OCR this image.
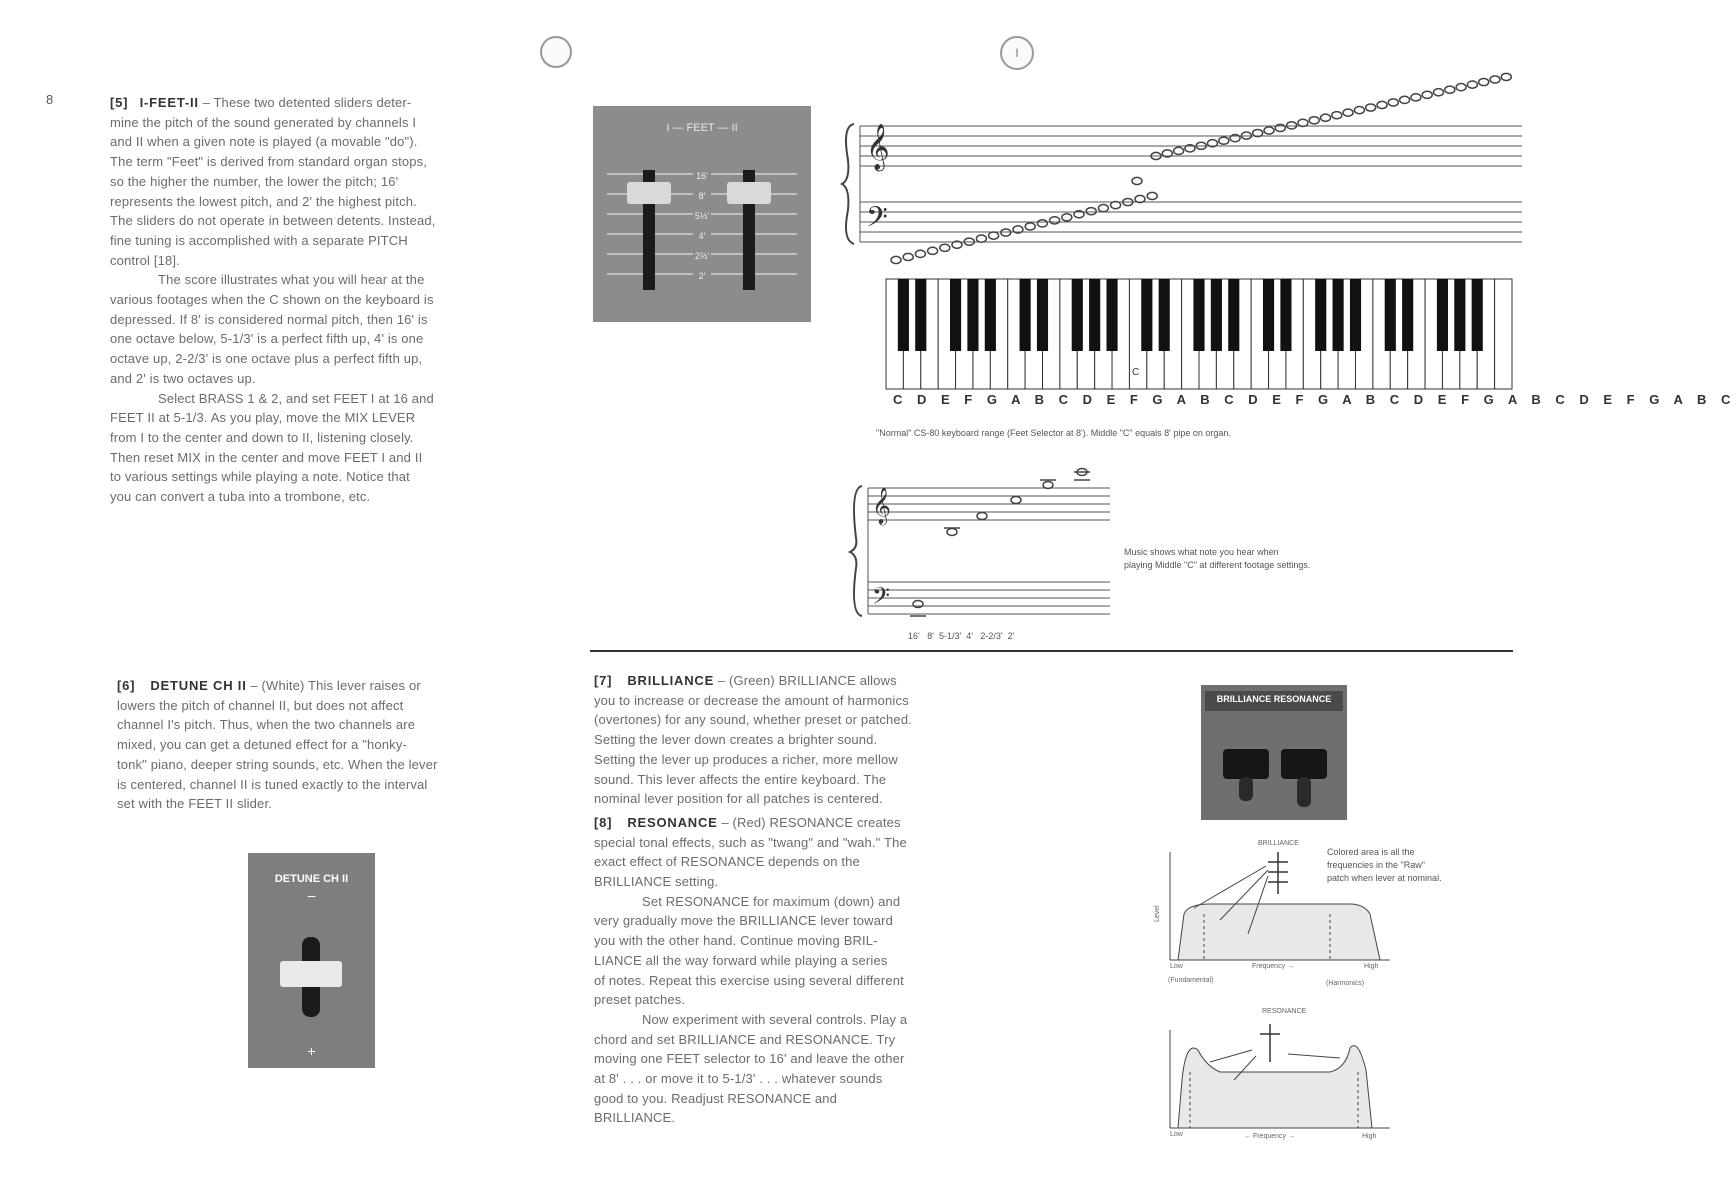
8
I

[5] I-FEET-II – These two detented sliders deter-
mine the pitch of the sound generated by channels I
and II when a given note is played (a movable "do").
The term "Feet" is derived from standard organ stops,
so the higher the number, the lower the pitch; 16'
represents the lowest pitch, and 2' the highest pitch.
The sliders do not operate in between detents. Instead,
fine tuning is accomplished with a separate PITCH
control [18].

The score illustrates what you will hear at the
various footages when the C shown on the keyboard is
depressed. If 8' is considered normal pitch, then 16' is
one octave below, 5-1/3' is a perfect fifth up, 4' is one
octave up, 2-2/3' is one octave plus a perfect fifth up,
and 2' is two octaves up.

Select BRASS 1 & 2, and set FEET I at 16 and
FEET II at 5-1/3. As you play, move the MIX LEVER
from I to the center and down to II, listening closely.
Then reset MIX in the center and move FEET I and II
to various settings while playing a note. Notice that
you can convert a tuba into a trombone, etc.

I — FEET — II
16'
8'
5⅓'
4'
2⅔'
2'
𝄞
𝄢
C
C D E F G A B C D E F G A B C D E F G A B C D E F G A B C D E F G A B C
"Normal" CS-80 keyboard range (Feet Selector at 8'). Middle "C" equals 8' pipe on organ.
𝄞
𝄢
Music shows what note you hear when
playing Middle "C" at different footage settings.
16'   8'  5-1/3'  4'   2-2/3'  2'

[6] DETUNE CH II – (White) This lever raises or
lowers the pitch of channel II, but does not affect
channel I's pitch. Thus, when the two channels are
mixed, you can get a detuned effect for a "honky-
tonk" piano, deeper string sounds, etc. When the lever
is centered, channel II is tuned exactly to the interval
set with the FEET II slider.

DETUNE CH II
–
+

[7] BRILLIANCE – (Green) BRILLIANCE allows
you to increase or decrease the amount of harmonics
(overtones) for any sound, whether preset or patched.
Setting the lever down creates a brighter sound.
Setting the lever up produces a richer, more mellow
sound. This lever affects the entire keyboard. The
nominal lever position for all patches is centered.

[8] RESONANCE – (Red) RESONANCE creates
special tonal effects, such as "twang" and "wah." The
exact effect of RESONANCE depends on the
BRILLIANCE setting.

Set RESONANCE for maximum (down) and
very gradually move the BRILLIANCE lever toward
you with the other hand. Continue moving BRIL-
LIANCE all the way forward while playing a series
of notes. Repeat this exercise using several different
preset patches.

Now experiment with several controls. Play a
chord and set BRILLIANCE and RESONANCE. Try
moving one FEET selector to 16' and leave the other
at 8' . . . or move it to 5-1/3' . . . whatever sounds
good to you. Readjust RESONANCE and
BRILLIANCE.

BRILLIANCE RESONANCE
Level
BRILLIANCE
Low	Frequency →	High
(Fundamental)	(Harmonics)
Colored area is all the
frequencies in the "Raw"
patch when lever at nominal.
RESONANCE
Low	← Frequency →	High
